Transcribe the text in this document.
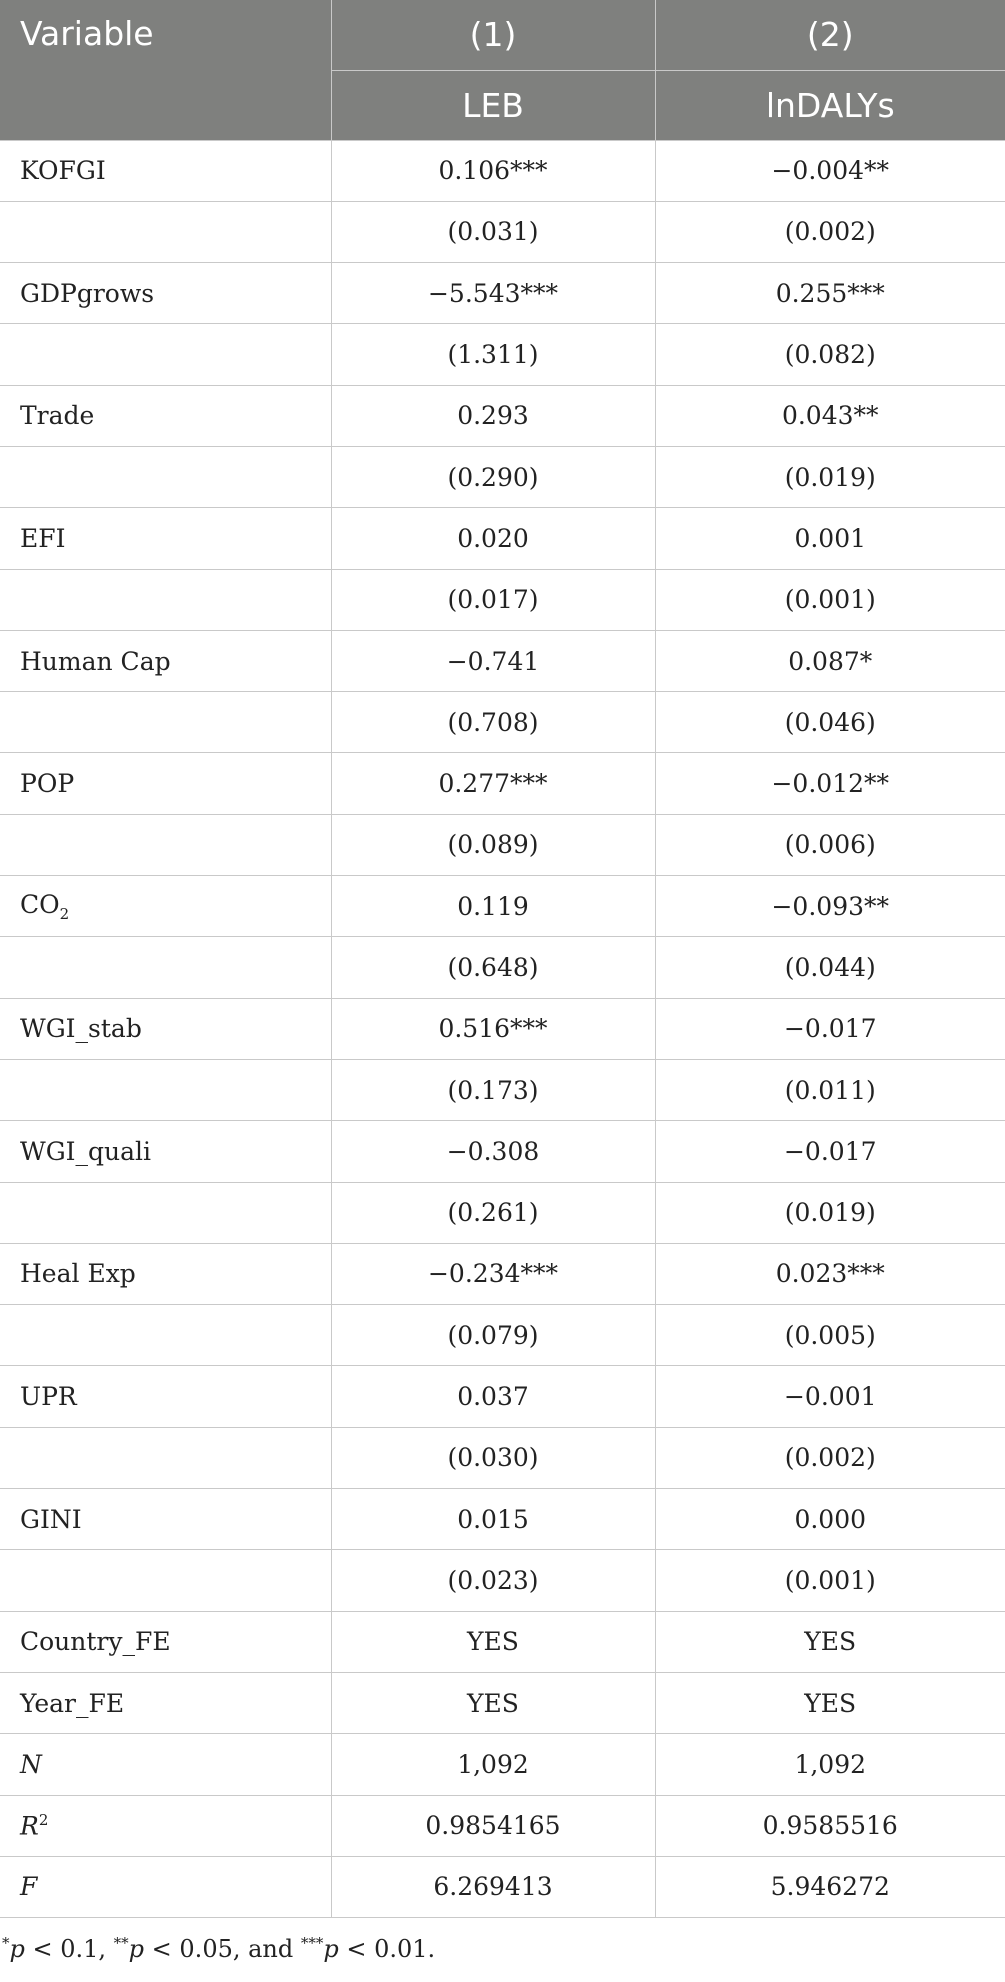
Variable	(1)	(2)
	LEB	lnDALYs
KOFGI	0.106***	−0.004**
	(0.031)	(0.002)
GDPgrows	−5.543***	0.255***
	(1.311)	(0.082)
Trade	0.293	0.043**
	(0.290)	(0.019)
EFI	0.020	0.001
	(0.017)	(0.001)
Human Cap	−0.741	0.087*
	(0.708)	(0.046)
POP	0.277***	−0.012**
	(0.089)	(0.006)
$CO_2$	0.119	−0.093**
	(0.648)	(0.044)
WGI_stab	0.516***	−0.017
	(0.173)	(0.011)
WGI_quali	−0.308	−0.017
	(0.261)	(0.019)
Heal Exp	−0.234***	0.023***
	(0.079)	(0.005)
UPR	0.037	−0.001
	(0.030)	(0.002)
GINI	0.015	0.000
	(0.023)	(0.001)
Country_FE	YES	YES
Year_FE	YES	YES
N	1,092	1,092
$R^2$	0.9854165	0.9585516
F	6.269413	5.946272

*p < 0.1, **p < 0.05, and ***p < 0.01.
